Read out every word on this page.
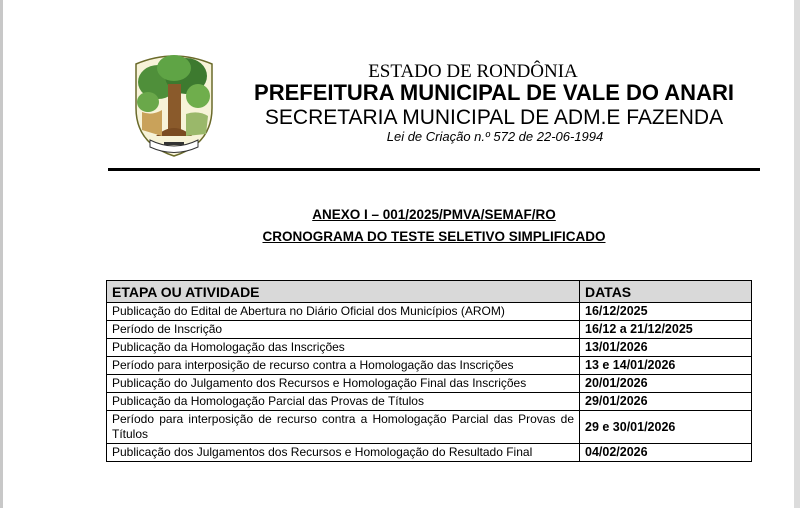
ESTADO DE RONDÔNIA
PREFEITURA MUNICIPAL DE VALE DO ANARI
SECRETARIA MUNICIPAL DE ADM.E FAZENDA
Lei de Criação n.º 572 de 22-06-1994
ANEXO I – 001/2025/PMVA/SEMAF/RO
CRONOGRAMA DO TESTE SELETIVO SIMPLIFICADO
ETAPA OU ATIVIDADE	DATAS
Publicação do Edital de Abertura no Diário Oficial dos Municípios (AROM)	16/12/2025
Período de Inscrição	16/12 a 21/12/2025
Publicação da Homologação das Inscrições	13/01/2026
Período para interposição de recurso contra a Homologação das Inscrições	13 e 14/01/2026
Publicação do Julgamento dos Recursos e Homologação Final das Inscrições	20/01/2026
Publicação da Homologação Parcial das Provas de Títulos	29/01/2026
Período para interposição de recurso contra a Homologação Parcial das Provas de Títulos	29 e 30/01/2026
Publicação dos Julgamentos dos Recursos e Homologação do Resultado Final	04/02/2026
